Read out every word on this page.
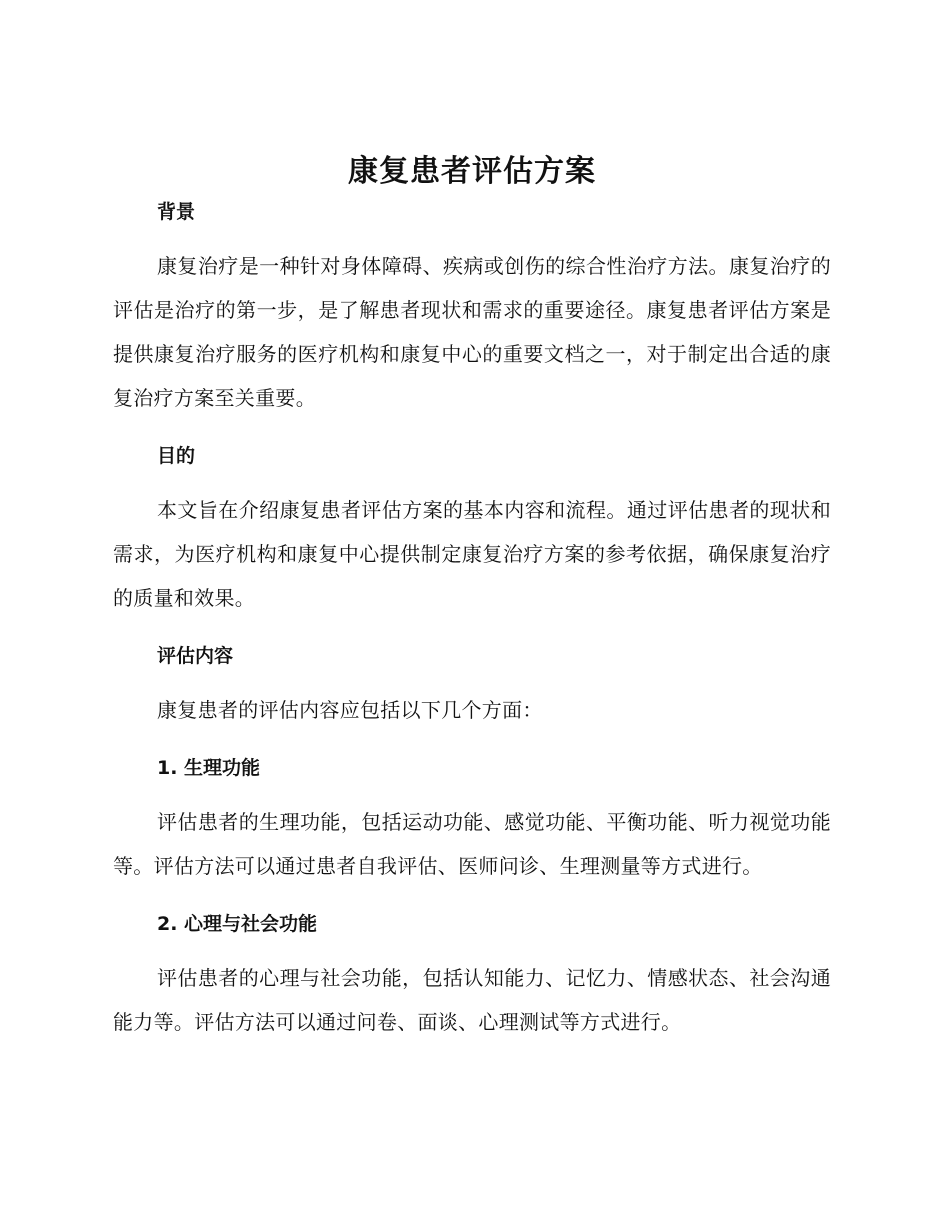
康复患者评估方案
背景

康复治疗是一种针对身体障碍、疾病或创伤的综合性治疗方法。康复治疗的评估是治疗的第一步，是了解患者现状和需求的重要途径。康复患者评估方案是提供康复治疗服务的医疗机构和康复中心的重要文档之一，对于制定出合适的康复治疗方案至关重要。

目的

本文旨在介绍康复患者评估方案的基本内容和流程。通过评估患者的现状和需求，为医疗机构和康复中心提供制定康复治疗方案的参考依据，确保康复治疗的质量和效果。

评估内容

康复患者的评估内容应包括以下几个方面：

1. 生理功能

评估患者的生理功能，包括运动功能、感觉功能、平衡功能、听力视觉功能等。评估方法可以通过患者自我评估、医师问诊、生理测量等方式进行。

2. 心理与社会功能

评估患者的心理与社会功能，包括认知能力、记忆力、情感状态、社会沟通能力等。评估方法可以通过问卷、面谈、心理测试等方式进行。
